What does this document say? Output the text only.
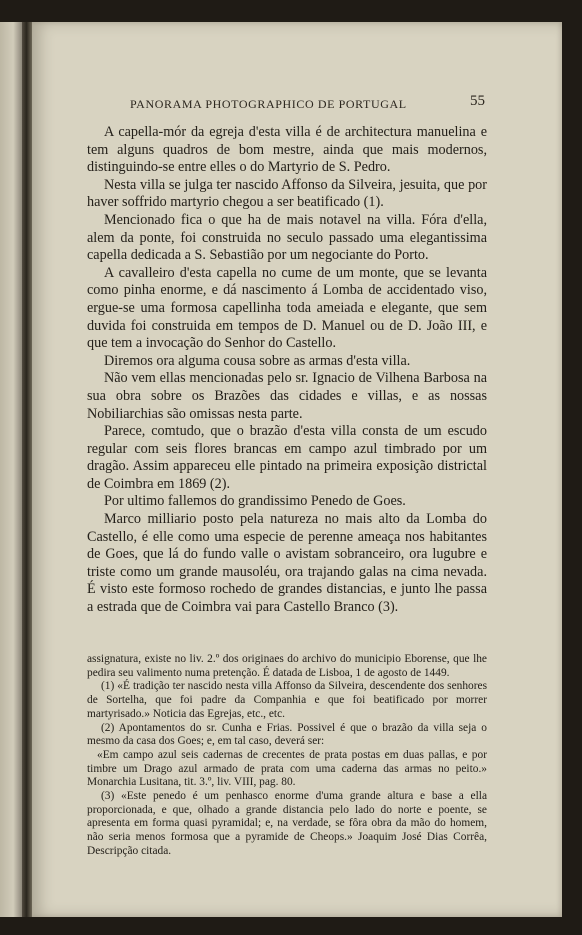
PANORAMA PHOTOGRAPHICO DE PORTUGAL	55

A capella-mór da egreja d'esta villa é de architectura manuelina e tem alguns quadros de bom mestre, ainda que mais modernos, distinguindo-se entre elles o do Martyrio de S. Pedro.

Nesta villa se julga ter nascido Affonso da Silveira, jesuita, que por haver soffrido martyrio chegou a ser beatificado (1).

Mencionado fica o que ha de mais notavel na villa. Fóra d'ella, alem da ponte, foi construida no seculo passado uma elegantissima capella dedicada a S. Sebastião por um negociante do Porto.

A cavalleiro d'esta capella no cume de um monte, que se levanta como pinha enorme, e dá nascimento á Lomba de accidentado viso, ergue-se uma formosa capellinha toda ameiada e elegante, que sem duvida foi construida em tempos de D. Manuel ou de D. João III, e que tem a invocação do Senhor do Castello.

Diremos ora alguma cousa sobre as armas d'esta villa.

Não vem ellas mencionadas pelo sr. Ignacio de Vilhena Barbosa na sua obra sobre os Brazões das cidades e villas, e as nossas Nobiliarchias são omissas nesta parte.

Parece, comtudo, que o brazão d'esta villa consta de um escudo regular com seis flores brancas em campo azul timbrado por um dragão. Assim appareceu elle pintado na primeira exposição districtal de Coimbra em 1869 (2).

Por ultimo fallemos do grandissimo Penedo de Goes.

Marco milliario posto pela natureza no mais alto da Lomba do Castello, é elle como uma especie de perenne ameaça nos habitantes de Goes, que lá do fundo valle o avistam sobranceiro, ora lugubre e triste como um grande mausoléu, ora trajando galas na cima nevada. É visto este formoso rochedo de grandes distancias, e junto lhe passa a estrada que de Coimbra vai para Castello Branco (3).

assignatura, existe no liv. 2.º dos originaes do archivo do municipio Eborense, que lhe pedira seu valimento numa pretenção. É datada de Lisboa, 1 de agosto de 1449.

(1) «É tradição ter nascido nesta villa Affonso da Silveira, descendente dos senhores de Sortelha, que foi padre da Companhia e que foi beatificado por morrer martyrisado.» Noticia das Egrejas, etc., etc.

(2) Apontamentos do sr. Cunha e Frias. Possivel é que o brazão da villa seja o mesmo da casa dos Goes; e, em tal caso, deverá ser:

«Em campo azul seis cadernas de crecentes de prata postas em duas pallas, e por timbre um Drago azul armado de prata com uma caderna das armas no peito.» Monarchia Lusitana, tit. 3.º, liv. VIII, pag. 80.

(3) «Este penedo é um penhasco enorme d'uma grande altura e base a ella proporcionada, e que, olhado a grande distancia pelo lado do norte e poente, se apresenta em forma quasi pyramidal; e, na verdade, se fôra obra da mão do homem, não seria menos formosa que a pyramide de Cheops.» Joaquim José Dias Corrêa, Descripção citada.
